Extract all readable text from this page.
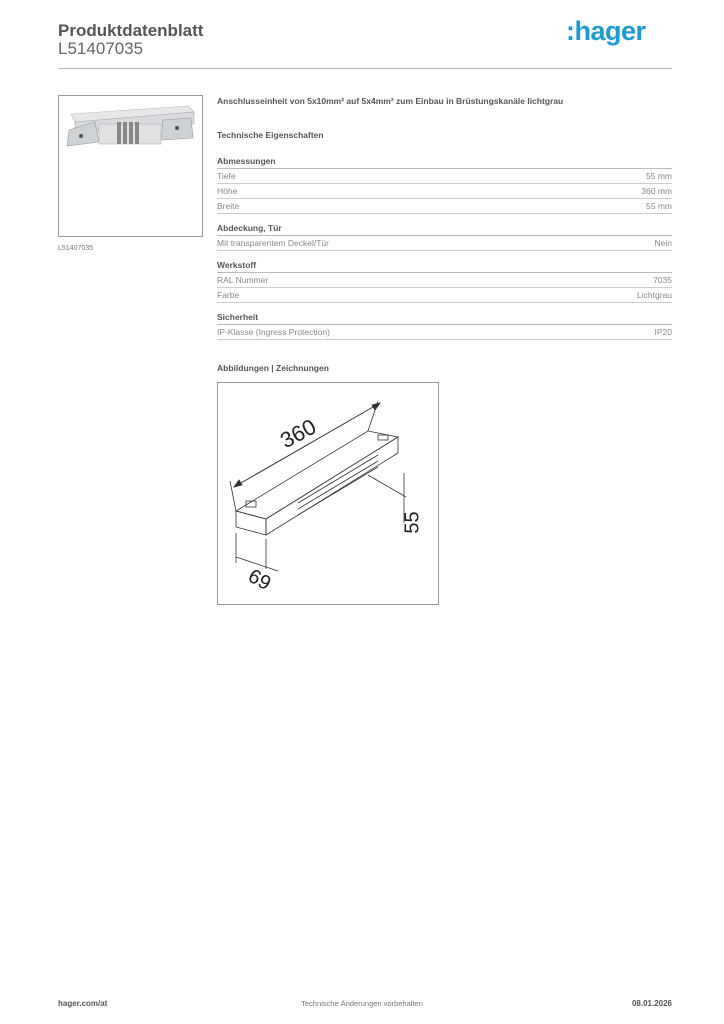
Produktdatenblatt
L51407035
:hager
L51407035
Anschlusseinheit von 5x10mm² auf 5x4mm² zum Einbau in Brüstungskanäle lichtgrau
Technische Eigenschaften
Abmessungen
Tiefe	55 mm
Höhe	360 mm
Breite	55 mm
Abdeckung, Tür
Mit transparentem Deckel/Tür	Nein
Werkstoff
RAL Nummer	7035
Farbe	Lichtgrau
Sicherheit
IP-Klasse (Ingress Protection)	IP20
Abbildungen | Zeichnungen
360
55
69
hager.com/at	Technische Änderungen vorbehalten	08.01.2026
